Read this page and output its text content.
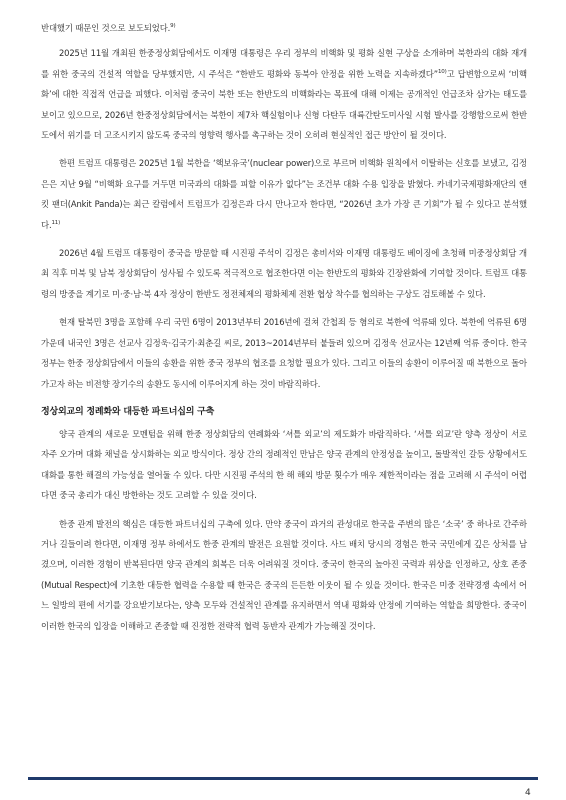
반대했기 때문인 것으로 보도되었다.$^{9)}$

2025년 11월 개최된 한중정상회담에서도 이재명 대통령은 우리 정부의 비핵화 및 평화 실현 구상을 소개하며 북한과의 대화 재개를 위한 중국의 건설적 역할을 당부했지만, 시 주석은 “한반도 평화와 동북아 안정을 위한 노력을 지속하겠다”$^{10)}$고 답변함으로써 ‘비핵화’에 대한 직접적 언급을 피했다. 이처럼 중국이 북한 또는 한반도의 비핵화라는 목표에 대해 이제는 공개적인 언급조차 삼가는 태도를 보이고 있으므로, 2026년 한중정상회담에서는 북한이 제7차 핵실험이나 신형 다탄두 대륙간탄도미사일 시험 발사를 강행함으로써 한반도에서 위기를 더 고조시키지 않도록 중국의 영향력 행사를 촉구하는 것이 오히려 현실적인 접근 방안이 될 것이다.

한편 트럼프 대통령은 2025년 1월 북한을 ‘핵보유국’(nuclear power)으로 부르며 비핵화 원칙에서 이탈하는 신호를 보냈고, 김정은은 지난 9월 “비핵화 요구를 거두면 미국과의 대화를 피할 이유가 없다”는 조건부 대화 수용 입장을 밝혔다. 카네기국제평화재단의 앤킷 팬더(Ankit Panda)는 최근 칼럼에서 트럼프가 김정은과 다시 만나고자 한다면, “2026년 초가 가장 큰 기회”가 될 수 있다고 분석했다.$^{11)}$

2026년 4월 트럼프 대통령이 중국을 방문할 때 시진핑 주석이 김정은 총비서와 이재명 대통령도 베이징에 초청해 미중정상회담 개최 직후 미북 및 남북 정상회담이 성사될 수 있도록 적극적으로 협조한다면 이는 한반도의 평화와 긴장완화에 기여할 것이다. 트럼프 대통령의 방중을 계기로 미·중·남·북 4자 정상이 한반도 정전체제의 평화체제 전환 협상 착수를 협의하는 구상도 검토해볼 수 있다.

현재 탈북민 3명을 포함해 우리 국민 6명이 2013년부터 2016년에 걸쳐 간첩죄 등 혐의로 북한에 억류돼 있다. 북한에 억류된 6명 가운데 내국인 3명은 선교사 김정욱·김국기·최춘길 씨로, 2013~2014년부터 붙들려 있으며 김정욱 선교사는 12년째 억류 중이다. 한국 정부는 한중 정상회담에서 이들의 송환을 위한 중국 정부의 협조를 요청할 필요가 있다. 그리고 이들의 송환이 이루어질 때 북한으로 돌아가고자 하는 비전향 장기수의 송환도 동시에 이루어지게 하는 것이 바람직하다.

정상외교의 정례화와 대등한 파트너십의 구축

양국 관계의 새로운 모멘텀을 위해 한중 정상회담의 연례화와 ‘셔틀 외교’의 제도화가 바람직하다. ‘셔틀 외교’란 양측 정상이 서로 자주 오가며 대화 채널을 상시화하는 외교 방식이다. 정상 간의 정례적인 만남은 양국 관계의 안정성을 높이고, 돌발적인 갈등 상황에서도 대화를 통한 해결의 가능성을 열어둘 수 있다. 다만 시진핑 주석의 한 해 해외 방문 횟수가 매우 제한적이라는 점을 고려해 시 주석이 어렵다면 중국 총리가 대신 방한하는 것도 고려할 수 있을 것이다.

한중 관계 발전의 핵심은 대등한 파트너십의 구축에 있다. 만약 중국이 과거의 관성대로 한국을 주변의 많은 ‘소국’ 중 하나로 간주하거나 길들이려 한다면, 이재명 정부 하에서도 한중 관계의 발전은 요원할 것이다. 사드 배치 당시의 경험은 한국 국민에게 깊은 상처를 남겼으며, 이러한 경험이 반복된다면 양국 관계의 회복은 더욱 어려워질 것이다. 중국이 한국의 높아진 국력과 위상을 인정하고, 상호 존중(Mutual Respect)에 기초한 대등한 협력을 수용할 때 한국은 중국의 든든한 이웃이 될 수 있을 것이다. 한국은 미중 전략경쟁 속에서 어느 일방의 편에 서기를 강요받기보다는, 양측 모두와 건설적인 관계를 유지하면서 역내 평화와 안정에 기여하는 역할을 희망한다. 중국이 이러한 한국의 입장을 이해하고 존중할 때 진정한 전략적 협력 동반자 관계가 가능해질 것이다.

4
